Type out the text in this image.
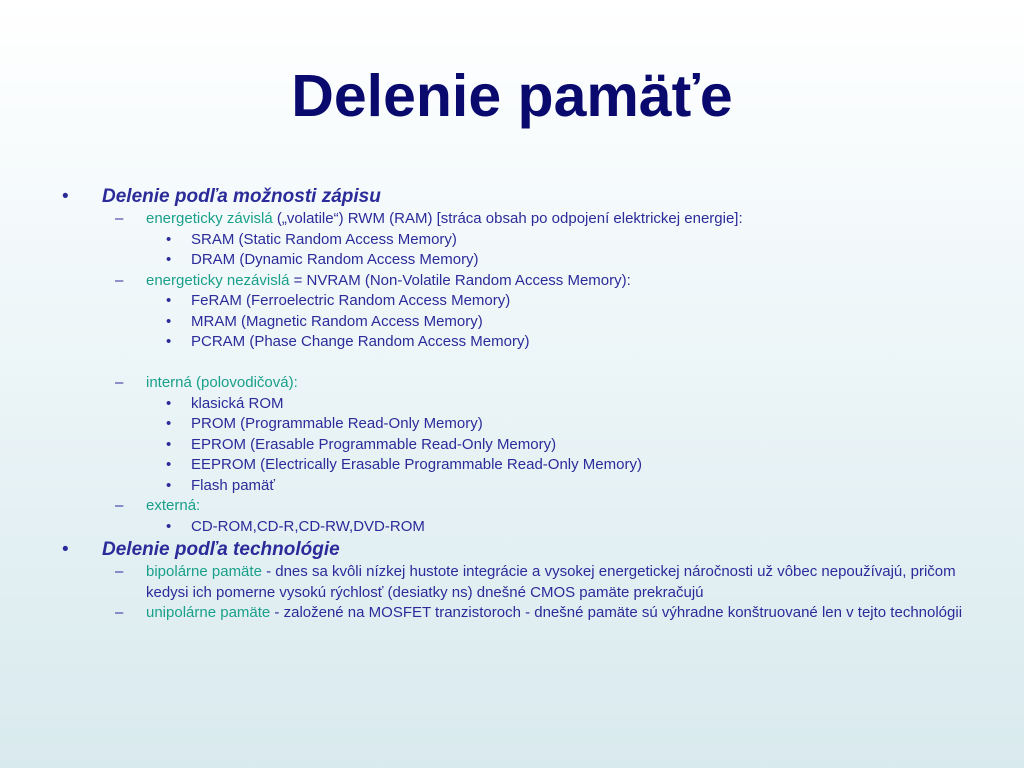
Delenie pamäťe
• Delenie podľa možnosti zápisu
– energeticky závislá („volatile“) RWM (RAM) [stráca obsah po odpojení elektrickej energie]:
• SRAM (Static Random Access Memory)
• DRAM (Dynamic Random Access Memory)
– energeticky nezávislá = NVRAM (Non-Volatile Random Access Memory):
• FeRAM (Ferroelectric Random Access Memory)
• MRAM (Magnetic Random Access Memory)
• PCRAM (Phase Change Random Access Memory)
– interná (polovodičová):
• klasická ROM
• PROM (Programmable Read-Only Memory)
• EPROM (Erasable Programmable Read-Only Memory)
• EEPROM (Electrically Erasable Programmable Read-Only Memory)
• Flash pamäť
– externá:
• CD-ROM,CD-R,CD-RW,DVD-ROM
• Delenie podľa technológie
– bipolárne pamäte - dnes sa kvôli nízkej hustote integrácie a vysokej energetickej náročnosti už vôbec nepoužívajú, pričom kedysi ich pomerne vysokú rýchlosť (desiatky ns) dnešné CMOS pamäte prekračujú
– unipolárne pamäte - založené na MOSFET tranzistoroch - dnešné pamäte sú výhradne konštruované len v tejto technológii
